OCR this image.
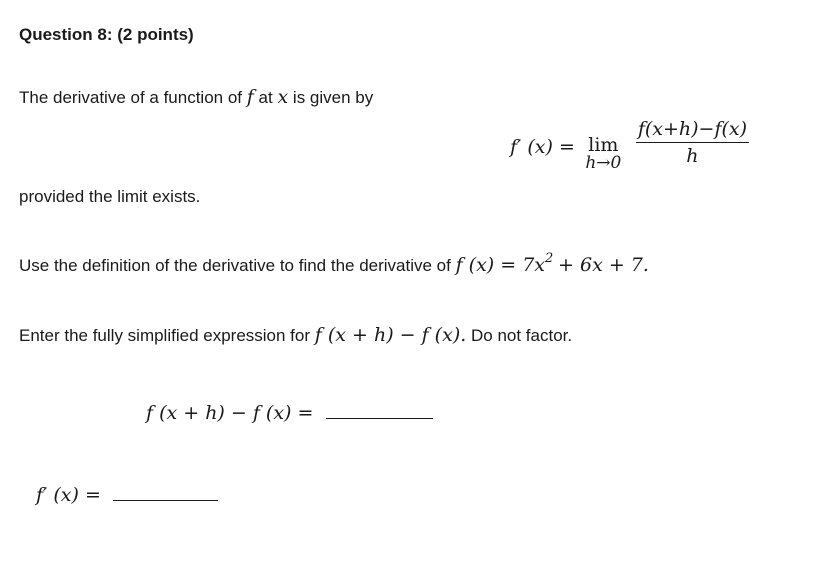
Question 8: (2 points)
The derivative of a function of f at x is given by
f′ (x) = lim
h→0
$\frac{f(x+h)-f(x)}{h}$
provided the limit exists.
Use the definition of the derivative to find the derivative of f $(x) = 7x^2 + 6x + 7$.
Enter the fully simplified expression for f (x + h) − f (x). Do not factor.
f (x + h) − f (x) =
f′ (x) =
